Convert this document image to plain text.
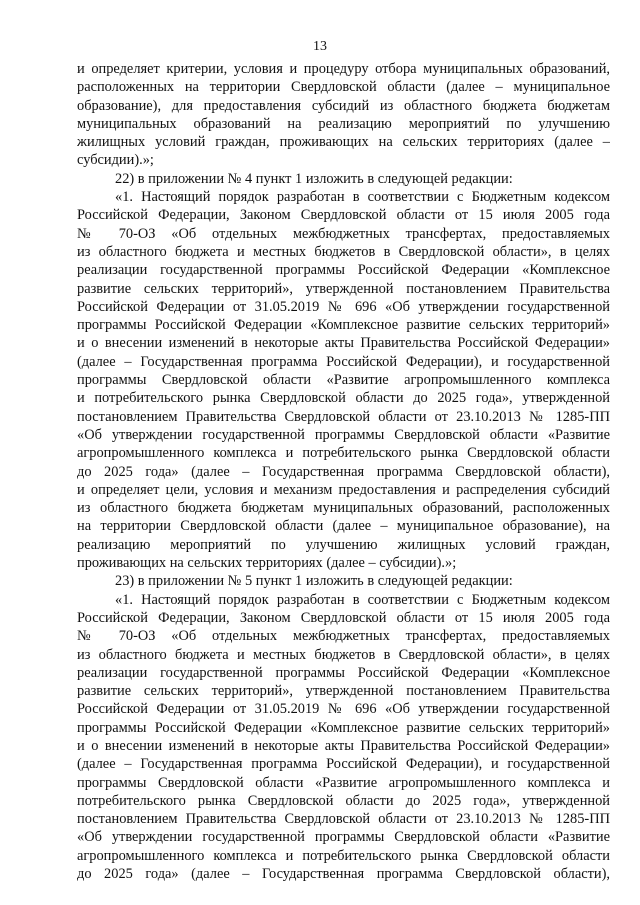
13
и определяет критерии, условия и процедуру отбора муниципальных образований,
расположенных на территории Свердловской области (далее – муниципальное
образование), для предоставления субсидий из областного бюджета бюджетам
муниципальных образований на реализацию мероприятий по улучшению
жилищных условий граждан, проживающих на сельских территориях (далее –
субсидии).»;
22) в приложении № 4 пункт 1 изложить в следующей редакции:
«1. Настоящий порядок разработан в соответствии с Бюджетным кодексом
Российской Федерации, Законом Свердловской области от 15 июля 2005 года
№ 70-ОЗ «Об отдельных межбюджетных трансфертах, предоставляемых
из областного бюджета и местных бюджетов в Свердловской области», в целях
реализации государственной программы Российской Федерации «Комплексное
развитие сельских территорий», утвержденной постановлением Правительства
Российской Федерации от 31.05.2019 № 696 «Об утверждении государственной
программы Российской Федерации «Комплексное развитие сельских территорий»
и о внесении изменений в некоторые акты Правительства Российской Федерации»
(далее – Государственная программа Российской Федерации), и государственной
программы Свердловской области «Развитие агропромышленного комплекса
и потребительского рынка Свердловской области до 2025 года», утвержденной
постановлением Правительства Свердловской области от 23.10.2013 № 1285-ПП
«Об утверждении государственной программы Свердловской области «Развитие
агропромышленного комплекса и потребительского рынка Свердловской области
до 2025 года» (далее – Государственная программа Свердловской области),
и определяет цели, условия и механизм предоставления и распределения субсидий
из областного бюджета бюджетам муниципальных образований, расположенных
на территории Свердловской области (далее – муниципальное образование), на
реализацию мероприятий по улучшению жилищных условий граждан,
проживающих на сельских территориях (далее – субсидии).»;
23) в приложении № 5 пункт 1 изложить в следующей редакции:
«1. Настоящий порядок разработан в соответствии с Бюджетным кодексом
Российской Федерации, Законом Свердловской области от 15 июля 2005 года
№ 70-ОЗ «Об отдельных межбюджетных трансфертах, предоставляемых
из областного бюджета и местных бюджетов в Свердловской области», в целях
реализации государственной программы Российской Федерации «Комплексное
развитие сельских территорий», утвержденной постановлением Правительства
Российской Федерации от 31.05.2019 № 696 «Об утверждении государственной
программы Российской Федерации «Комплексное развитие сельских территорий»
и о внесении изменений в некоторые акты Правительства Российской Федерации»
(далее – Государственная программа Российской Федерации), и государственной
программы Свердловской области «Развитие агропромышленного комплекса и
потребительского рынка Свердловской области до 2025 года», утвержденной
постановлением Правительства Свердловской области от 23.10.2013 № 1285-ПП
«Об утверждении государственной программы Свердловской области «Развитие
агропромышленного комплекса и потребительского рынка Свердловской области
до 2025 года» (далее – Государственная программа Свердловской области),
